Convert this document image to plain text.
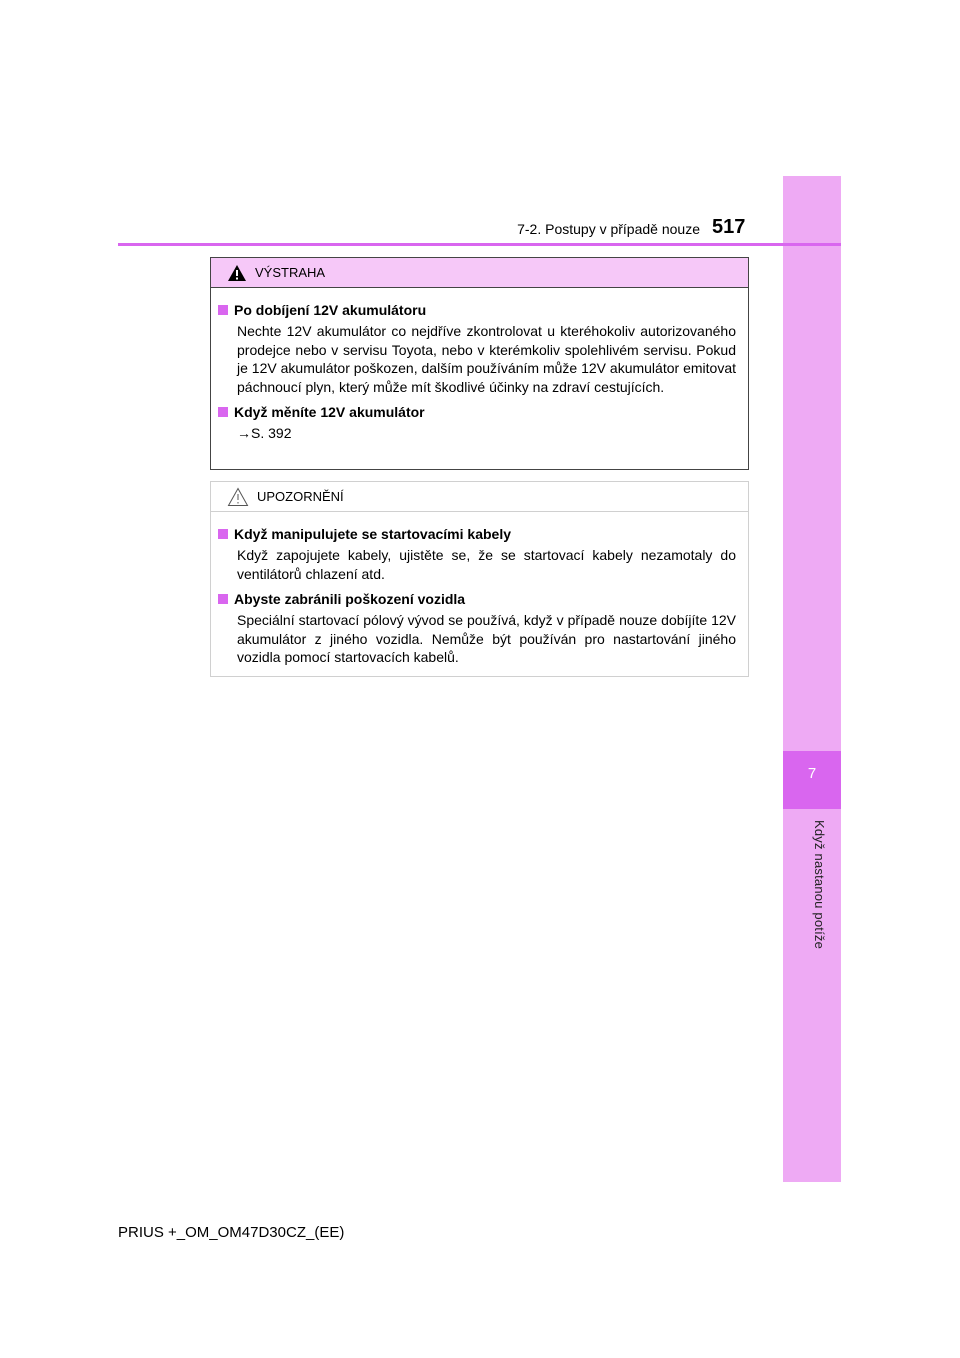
7
Když nastanou potíže
7-2. Postupy v případě nouze 517
VÝSTRAHA
Po dobíjení 12V akumulátoru
Nechte 12V akumulátor co nejdříve zkontrolovat u kteréhokoliv autorizovaného prodejce nebo v servisu Toyota, nebo v kterémkoliv spolehlivém servisu. Pokud je 12V akumulátor poškozen, dalším používáním může 12V akumulátor emitovat páchnoucí plyn, který může mít škodlivé účinky na zdraví cestujících.
Když měníte 12V akumulátor
→S. 392
UPOZORNĚNÍ
Když manipulujete se startovacími kabely
Když zapojujete kabely, ujistěte se, že se startovací kabely nezamotaly do ventilátorů chlazení atd.
Abyste zabránili poškození vozidla
Speciální startovací pólový vývod se používá, když v případě nouze dobíjíte 12V akumulátor z jiného vozidla. Nemůže být používán pro nastartování jiného vozidla pomocí startovacích kabelů.
PRIUS +_OM_OM47D30CZ_(EE)
